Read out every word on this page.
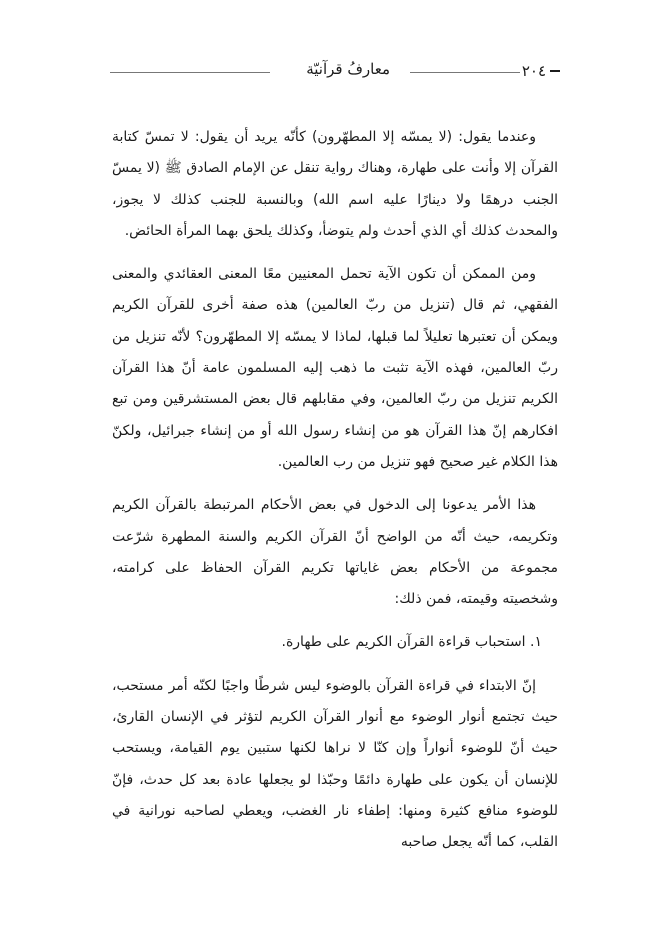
٢٠٤
معارفُ قرآنيّة

وعندما يقول: (لا يمسّه إلا المطهّرون) كأنّه يريد أن يقول: لا تمسّ كتابة القرآن إلا وأنت على طهارة، وهناك رواية تنقل عن الإمام الصادق ﷺ (لا يمسّ الجنب درهمًا ولا دينارًا عليه اسم الله) وبالنسبة للجنب كذلك لا يجوز، والمحدث كذلك أي الذي أحدث ولم يتوضأ، وكذلك يلحق بهما المرأة الحائض.

ومن الممكن أن تكون الآية تحمل المعنيين معًا المعنى العقائدي والمعنى الفقهي، ثم قال (تنزيل من ربّ العالمين) هذه صفة أخرى للقرآن الكريم ويمكن أن تعتبرها تعليلاً لما قبلها، لماذا لا يمسّه إلا المطهّرون؟ لأنّه تنزيل من ربّ العالمين، فهذه الآية تثبت ما ذهب إليه المسلمون عامة أنّ هذا القرآن الكريم تنزيل من ربّ العالمين، وفي مقابلهم قال بعض المستشرقين ومن تبع افكارهم إنّ هذا القرآن هو من إنشاء رسول الله أو من إنشاء جبرائيل، ولكنّ هذا الكلام غير صحيح فهو تنزيل من رب العالمين.

هذا الأمر يدعونا إلى الدخول في بعض الأحكام المرتبطة بالقرآن الكريم وتكريمه، حيث أنّه من الواضح أنّ القرآن الكريم والسنة المطهرة شرّعت مجموعة من الأحكام بعض غاياتها تكريم القرآن الحفاظ على كرامته، وشخصيته وقيمته، فمن ذلك:

١. استحباب قراءة القرآن الكريم على طهارة.

إنّ الابتداء في قراءة القرآن بالوضوء ليس شرطًا واجبًا لكنّه أمر مستحب، حيث تجتمع أنوار الوضوء مع أنوار القرآن الكريم لتؤثر في الإنسان القارئ، حيث أنّ للوضوء أنواراً وإن كنّا لا نراها لكنها ستبين يوم القيامة، ويستحب للإنسان أن يكون على طهارة دائمًا وحبّذا لو يجعلها عادة بعد كل حدث، فإنّ للوضوء منافع كثيرة ومنها: إطفاء نار الغضب، ويعطي لصاحبه نورانية في القلب، كما أنّه يجعل صاحبه
